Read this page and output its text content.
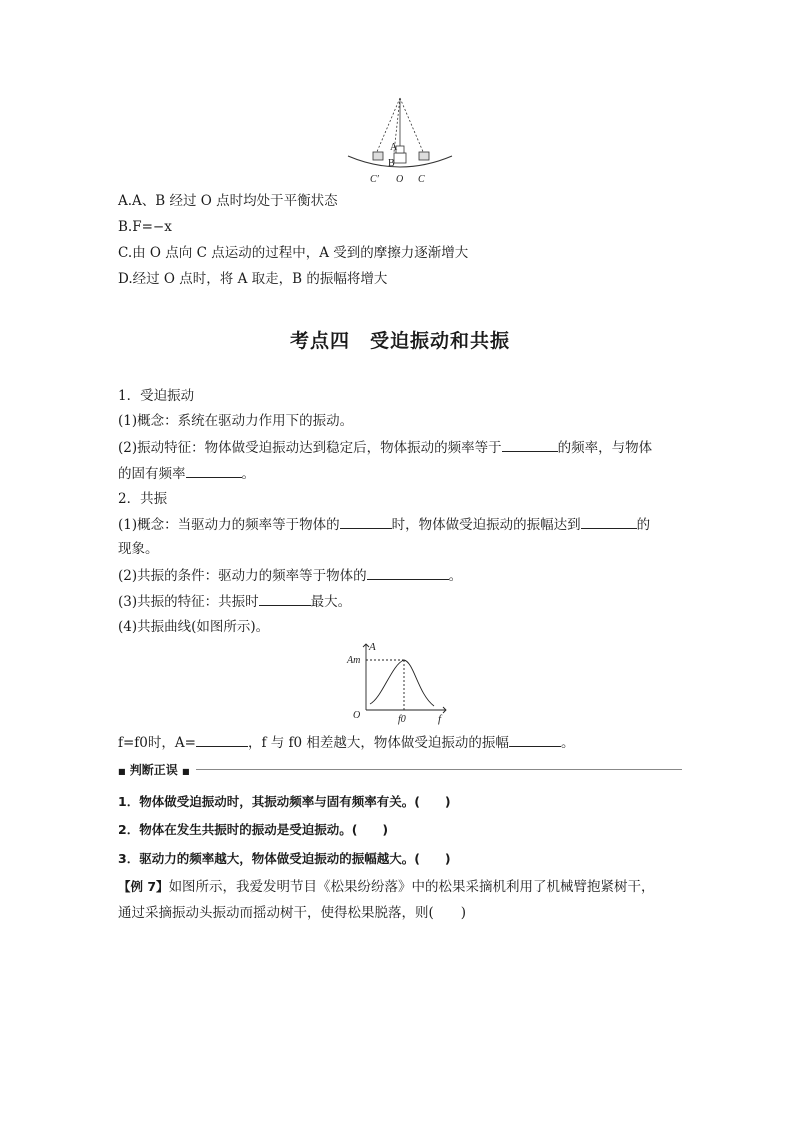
A
B
C′ O C
A.A、B 经过 O 点时均处于平衡状态
B.F=−x
C.由 O 点向 C 点运动的过程中，A 受到的摩擦力逐渐增大
D.经过 O 点时，将 A 取走，B 的振幅将增大
考点四　受迫振动和共振
1．受迫振动
(1)概念：系统在驱动力作用下的振动。
(2)振动特征：物体做受迫振动达到稳定后，物体振动的频率等于	的频率，与物体
的固有频率	。
2．共振
(1)概念：当驱动力的频率等于物体的	时，物体做受迫振动的振幅达到	的
现象。
(2)共振的条件：驱动力的频率等于物体的	。
(3)共振的特征：共振时	最大。
(4)共振曲线(如图所示)。
A
Am
O	f0	f
f=f0时，A=	，f 与 f0 相差越大，物体做受迫振动的振幅	。
■ 判断正误 ■
1．物体做受迫振动时，其振动频率与固有频率有关。(　　)
2．物体在发生共振时的振动是受迫振动。(　　)
3．驱动力的频率越大，物体做受迫振动的振幅越大。(　　)
【例 7】如图所示，我爱发明节目《松果纷纷落》中的松果采摘机利用了机械臂抱紧树干，
通过采摘振动头振动而摇动树干，使得松果脱落，则(　　)
